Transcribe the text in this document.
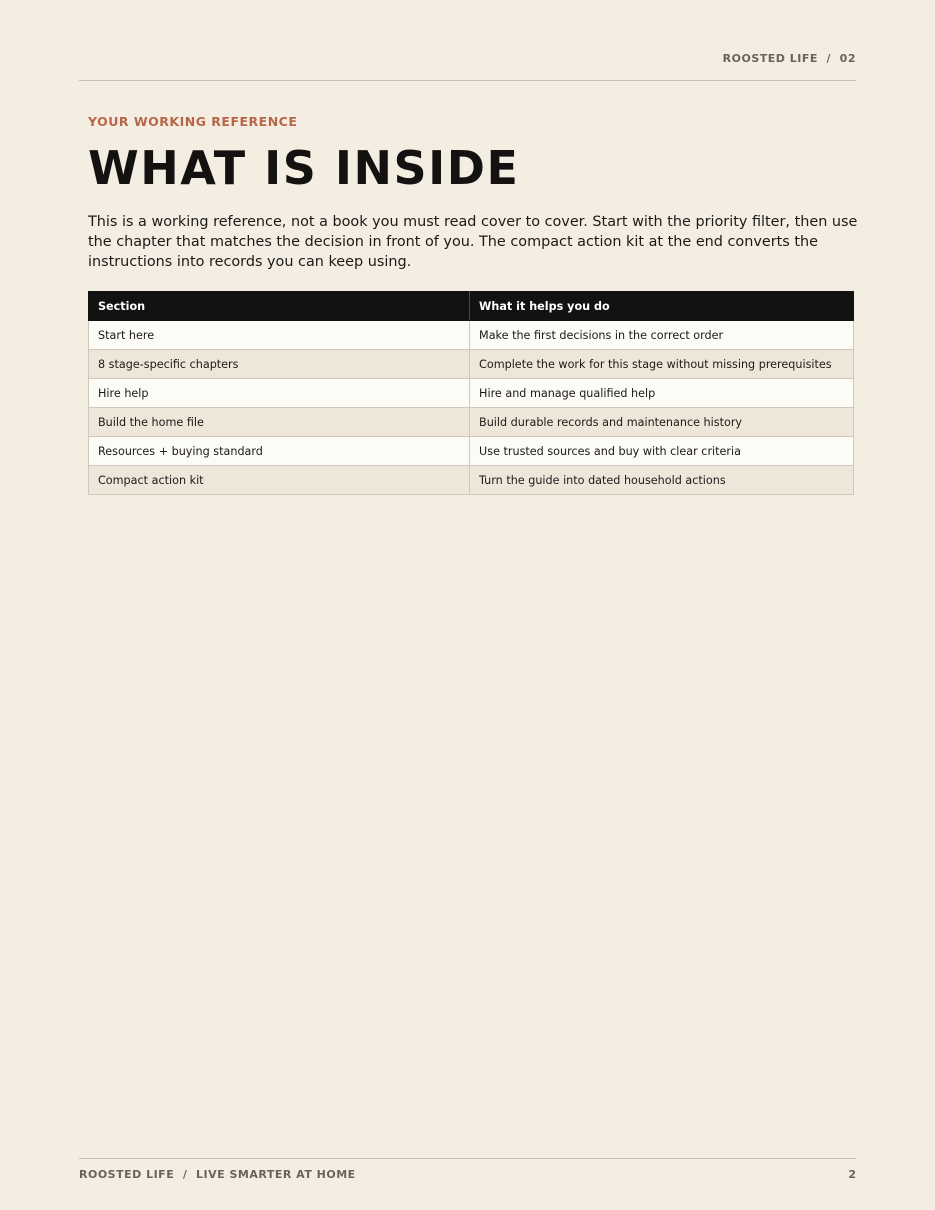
ROOSTED LIFE  /  02
YOUR WORKING REFERENCE
WHAT IS INSIDE

This is a working reference, not a book you must read cover to cover. Start with the priority filter, then use the chapter that matches the decision in front of you. The compact action kit at the end converts the instructions into records you can keep using.

Section	What it helps you do
Start here	Make the first decisions in the correct order
8 stage-specific chapters	Complete the work for this stage without missing prerequisites
Hire help	Hire and manage qualified help
Build the home file	Build durable records and maintenance history
Resources + buying standard	Use trusted sources and buy with clear criteria
Compact action kit	Turn the guide into dated household actions
ROOSTED LIFE  /  LIVE SMARTER AT HOME	2
